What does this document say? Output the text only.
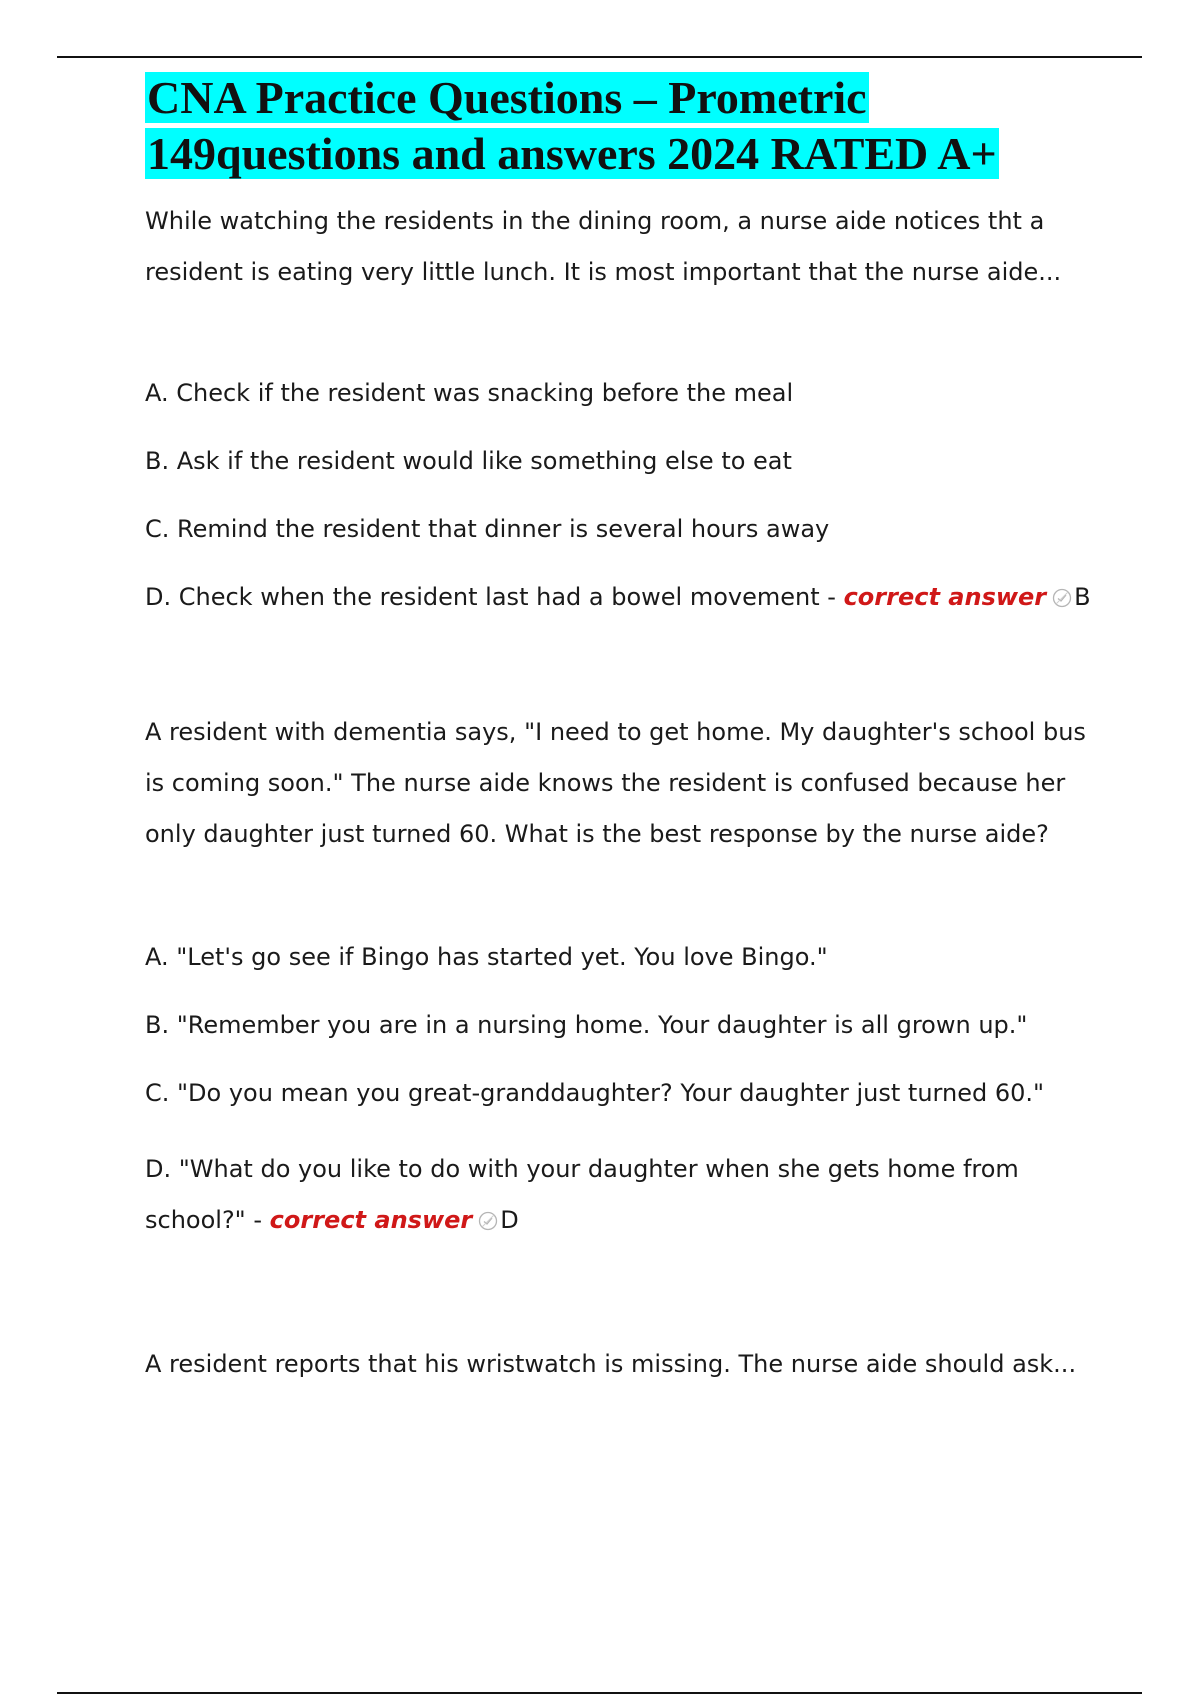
CNA Practice Questions – Prometric
149questions and answers 2024 RATED A+

While watching the residents in the dining room, a nurse aide notices tht a resident is eating very little lunch. It is most important that the nurse aide...

A. Check if the resident was snacking before the meal

B. Ask if the resident would like something else to eat

C. Remind the resident that dinner is several hours away

D. Check when the resident last had a bowel movement - correct answer B

A resident with dementia says, "I need to get home. My daughter's school bus is coming soon." The nurse aide knows the resident is confused because her only daughter just turned 60. What is the best response by the nurse aide?

A. "Let's go see if Bingo has started yet. You love Bingo."

B. "Remember you are in a nursing home. Your daughter is all grown up."

C. "Do you mean you great-granddaughter? Your daughter just turned 60."

D. "What do you like to do with your daughter when she gets home from school?" - correct answer D

A resident reports that his wristwatch is missing. The nurse aide should ask...
